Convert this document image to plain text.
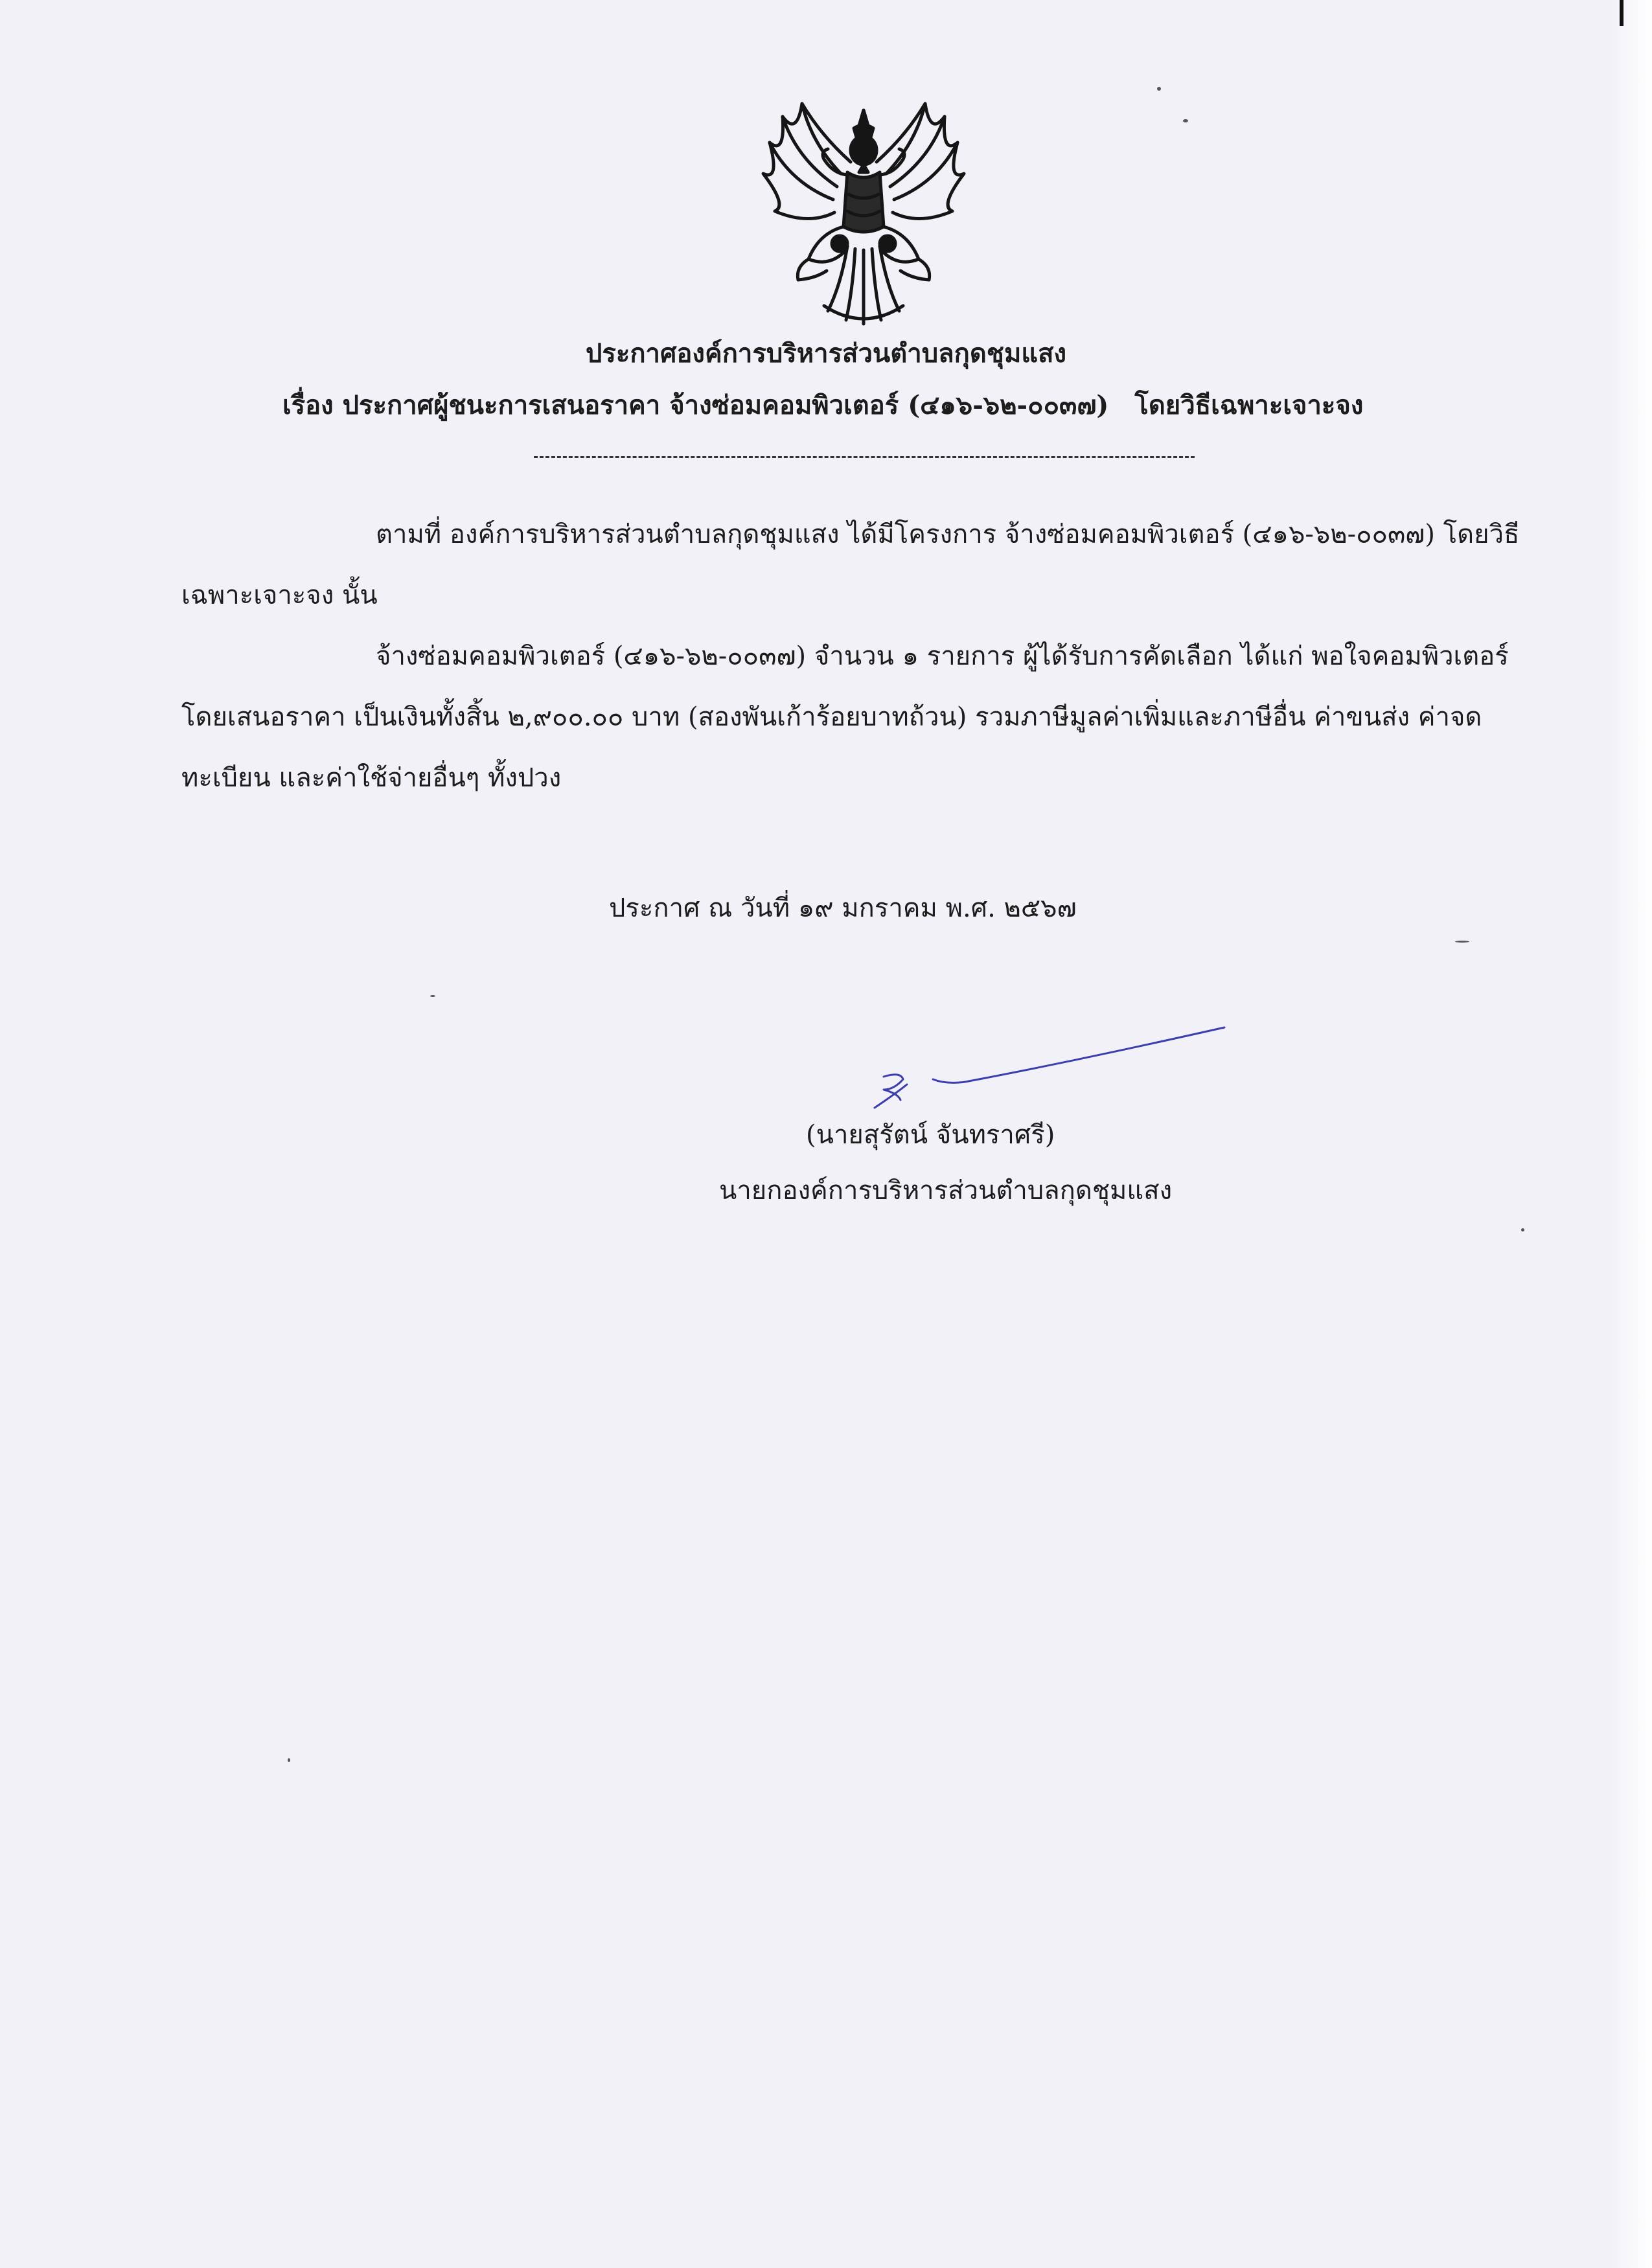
ประกาศองค์การบริหารส่วนตำบลกุดชุมแสง
เรื่อง ประกาศผู้ชนะการเสนอราคา จ้างซ่อมคอมพิวเตอร์ (๔๑๖-๖๒-๐๐๓๗) โดยวิธีเฉพาะเจาะจง

ตามที่ องค์การบริหารส่วนตำบลกุดชุมแสง ได้มีโครงการ จ้างซ่อมคอมพิวเตอร์ (๔๑๖-๖๒-๐๐๓๗) โดยวิธีเฉพาะเจาะจง นั้น

จ้างซ่อมคอมพิวเตอร์ (๔๑๖-๖๒-๐๐๓๗) จำนวน ๑ รายการ ผู้ได้รับการคัดเลือก ได้แก่ พอใจคอมพิวเตอร์ โดยเสนอราคา เป็นเงินทั้งสิ้น ๒,๙๐๐.๐๐ บาท (สองพันเก้าร้อยบาทถ้วน) รวมภาษีมูลค่าเพิ่มและภาษีอื่น ค่าขนส่ง ค่าจดทะเบียน และค่าใช้จ่ายอื่นๆ ทั้งปวง

ประกาศ ณ วันที่ ๑๙ มกราคม พ.ศ. ๒๕๖๗

(นายสุรัตน์ จันทราศรี)

นายกองค์การบริหารส่วนตำบลกุดชุมแสง
